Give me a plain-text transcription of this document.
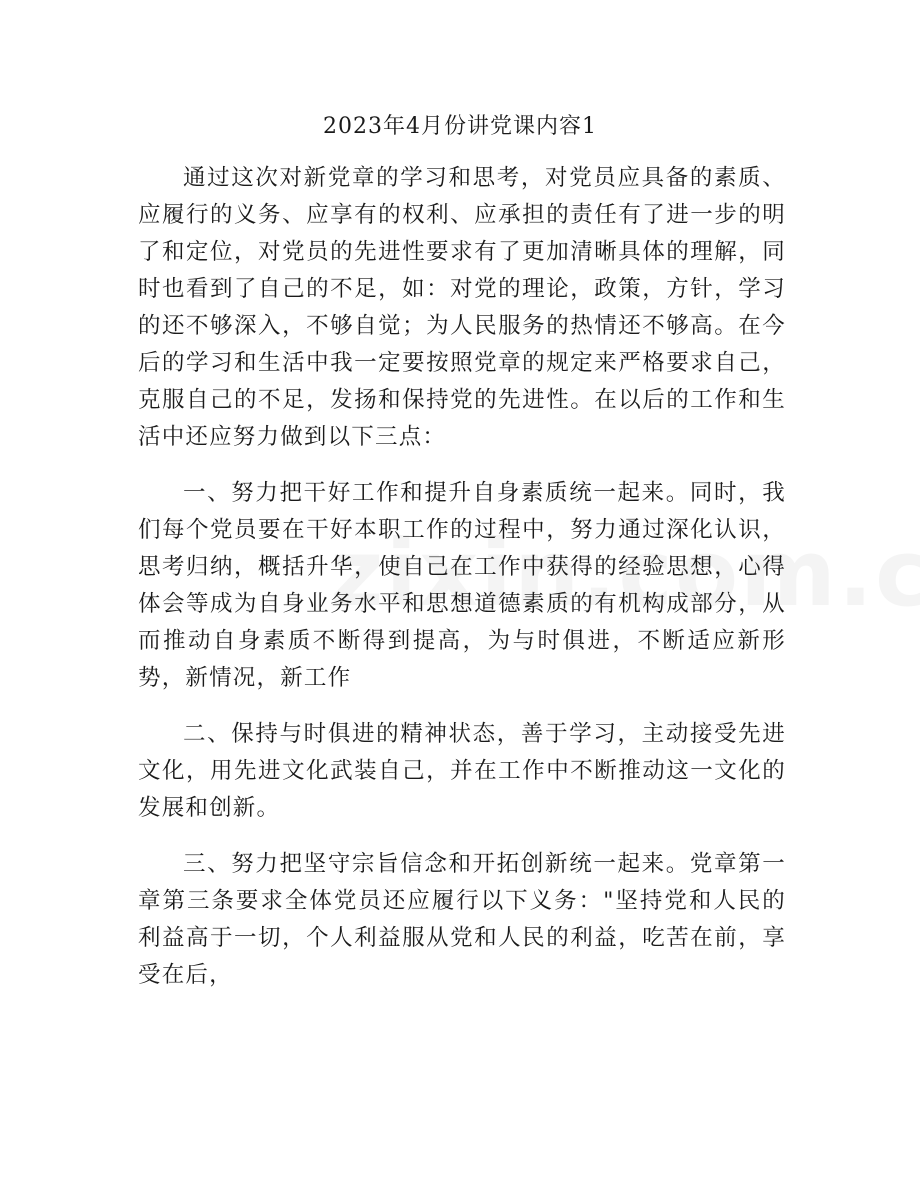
2023年4月份讲党课内容1

通过这次对新党章的学习和思考，对党员应具备的素质、应履行的义务、应享有的权利、应承担的责任有了进一步的明了和定位，对党员的先进性要求有了更加清晰具体的理解，同时也看到了自己的不足，如：对党的理论，政策，方针，学习的还不够深入，不够自觉；为人民服务的热情还不够高。在今后的学习和生活中我一定要按照党章的规定来严格要求自己，克服自己的不足，发扬和保持党的先进性。在以后的工作和生活中还应努力做到以下三点：

一、努力把干好工作和提升自身素质统一起来。同时，我们每个党员要在干好本职工作的过程中，努力通过深化认识，思考归纳，概括升华，使自己在工作中获得的经验思想，心得体会等成为自身业务水平和思想道德素质的有机构成部分，从而推动自身素质不断得到提高，为与时俱进，不断适应新形势，新情况，新工作

二、保持与时俱进的精神状态，善于学习，主动接受先进文化，用先进文化武装自己，并在工作中不断推动这一文化的发展和创新。

三、努力把坚守宗旨信念和开拓创新统一起来。党章第一章第三条要求全体党员还应履行以下义务："坚持党和人民的利益高于一切，个人利益服从党和人民的利益，吃苦在前，享受在后，
